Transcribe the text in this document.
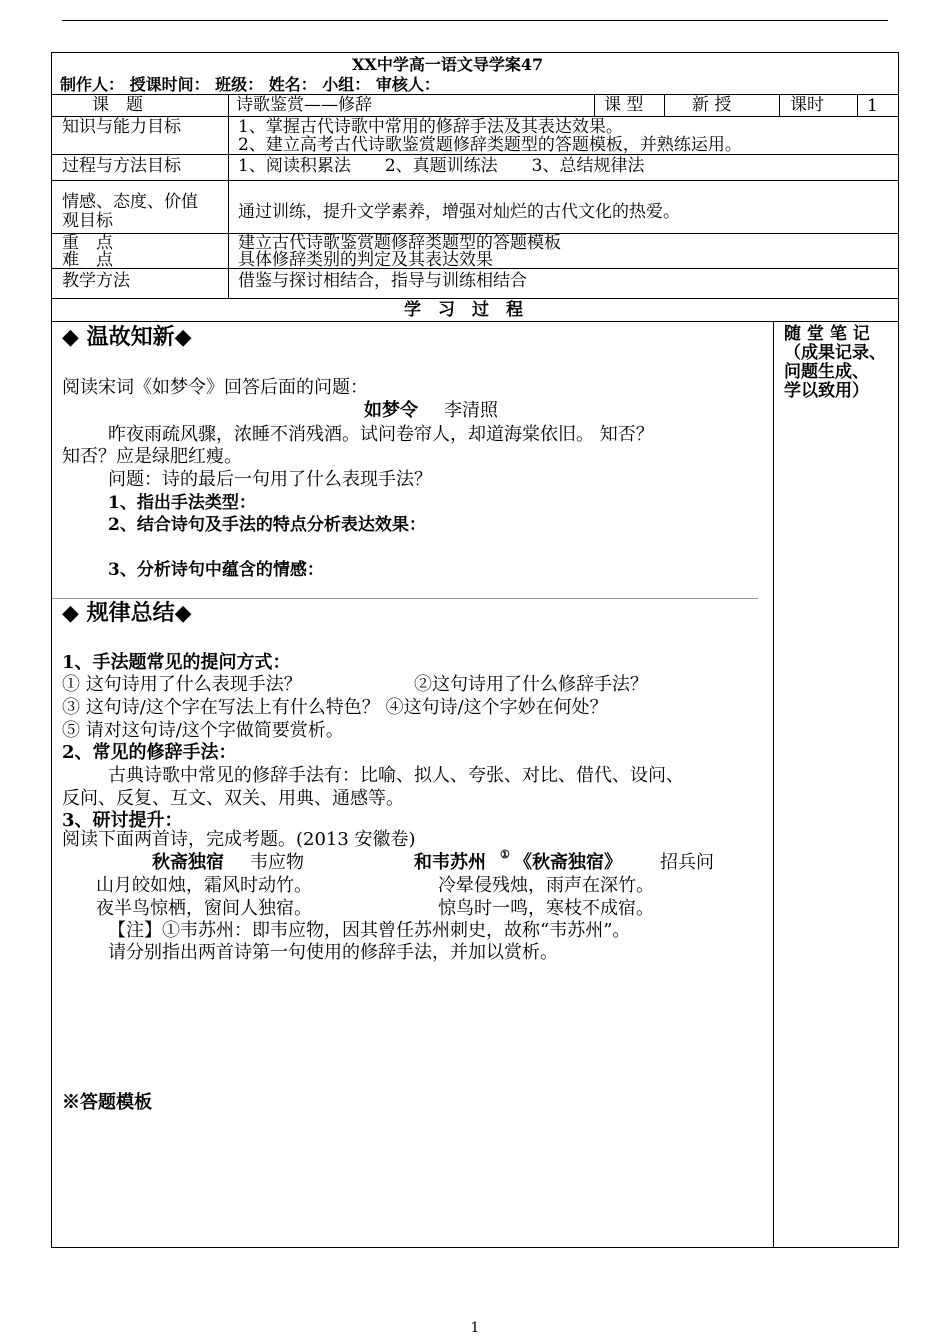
XX中学高一语文导学案47
制作人： 授课时间： 班级： 姓名： 小组： 审核人：
课　题	诗歌鉴赏——修辞	课 型	新 授	课时	1
知识与能力目标	1、掌握古代诗歌中常用的修辞手法及其表达效果。
2、建立高考古代诗歌鉴赏题修辞类题型的答题模板，并熟练运用。
过程与方法目标	1、阅读积累法　　2、真题训练法　　3、总结规律法
情感、态度、价值
观目标	通过训练，提升文学素养，增强对灿烂的古代文化的热爱。
重　点	建立古代诗歌鉴赏题修辞类题型的答题模板
难　点	具体修辞类别的判定及其表达效果
教学方法	借鉴与探讨相结合，指导与训练相结合
学　习　过　程
随 堂 笔 记
（成果记录、
问题生成、
学以致用）
◆ 温故知新◆
阅读宋词《如梦令》回答后面的问题：
如梦令 李清照
昨夜雨疏风骤，浓睡不消残酒。试问卷帘人，却道海棠依旧。 知否？
知否？应是绿肥红瘦。
问题：诗的最后一句用了什么表现手法？
1、指出手法类型：
2、结合诗句及手法的特点分析表达效果：
3、分析诗句中蕴含的情感：
◆ 规律总结◆
1、手法题常见的提问方式：
① 这句诗用了什么表现手法？	②这句诗用了什么修辞手法？
③ 这句诗/这个字在写法上有什么特色？ ④这句诗/这个字妙在何处？
⑤ 请对这句诗/这个字做简要赏析。
2、常见的修辞手法：
古典诗歌中常见的修辞手法有：比喻、拟人、夸张、对比、借代、设问、
反问、反复、互文、双关、用典、通感等。
3、研讨提升：
阅读下面两首诗，完成考题。(2013 安徽卷)
秋斋独宿 韦应物	和韦苏州 ① 《秋斋独宿》 招兵问
山月皎如烛，霜风时动竹。	冷晕侵残烛，雨声在深竹。
夜半鸟惊栖，窗间人独宿。	惊鸟时一鸣，寒枝不成宿。
【注】①韦苏州：即韦应物，因其曾任苏州刺史，故称“韦苏州”。
请分别指出两首诗第一句使用的修辞手法，并加以赏析。
※答题模板
1
